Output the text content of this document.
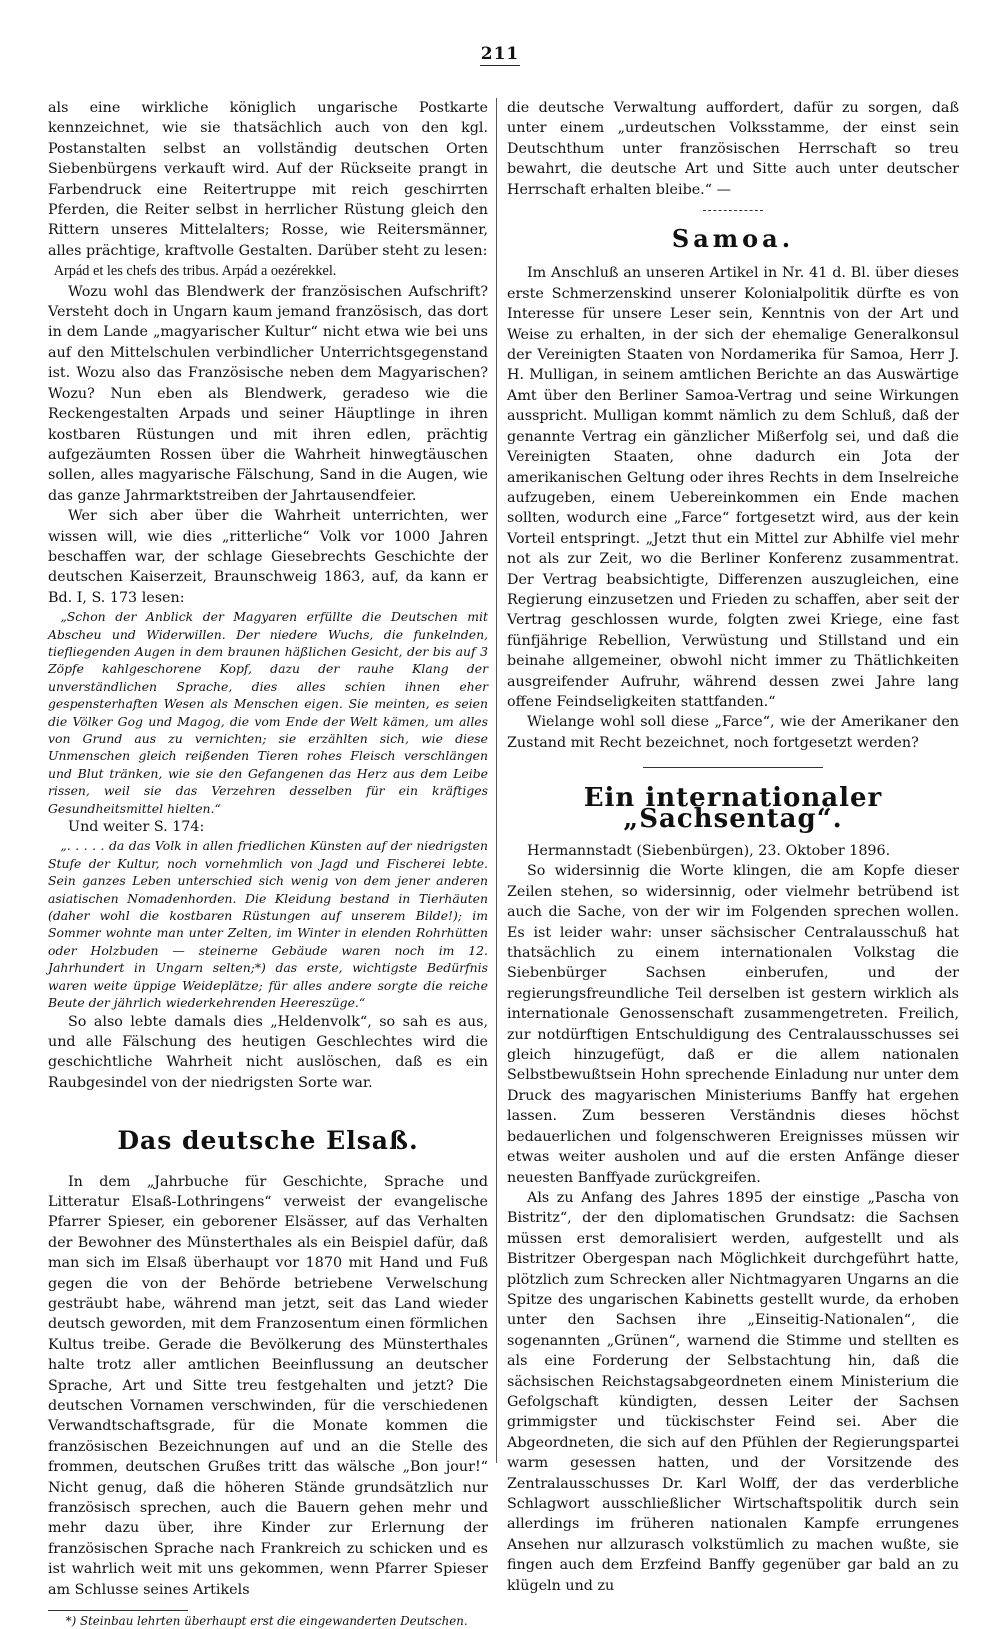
211

als eine wirkliche königlich ungarische Postkarte kennzeichnet, wie sie thatsächlich auch von den kgl. Postanstalten selbst an vollständig deutschen Orten Siebenbürgens verkauft wird. Auf der Rückseite prangt in Farbendruck eine Reitertruppe mit reich geschirrten Pferden, die Reiter selbst in herrlicher Rüstung gleich den Rittern unseres Mittelalters; Rosse, wie Reitersmänner, alles prächtige, kraftvolle Gestalten. Darüber steht zu lesen:

Arpád et les chefs des tribus. Arpád a oezérekkel.

Wozu wohl das Blendwerk der französischen Aufschrift? Versteht doch in Ungarn kaum jemand französisch, das dort in dem Lande „magyarischer Kultur“ nicht etwa wie bei uns auf den Mittelschulen verbindlicher Unterrichtsgegenstand ist. Wozu also das Französische neben dem Magyarischen? Wozu? Nun eben als Blendwerk, geradeso wie die Reckengestalten Arpads und seiner Häuptlinge in ihren kostbaren Rüstungen und mit ihren edlen, prächtig aufgezäumten Rossen über die Wahrheit hinwegtäuschen sollen, alles magyarische Fälschung, Sand in die Augen, wie das ganze Jahrmarktstreiben der Jahrtausendfeier.

Wer sich aber über die Wahrheit unterrichten, wer wissen will, wie dies „ritterliche“ Volk vor 1000 Jahren beschaffen war, der schlage Giesebrechts Geschichte der deutschen Kaiserzeit, Braunschweig 1863, auf, da kann er Bd. I, S. 173 lesen:

„Schon der Anblick der Magyaren erfüllte die Deutschen mit Abscheu und Widerwillen. Der niedere Wuchs, die funkelnden, tiefliegenden Augen in dem braunen häßlichen Gesicht, der bis auf 3 Zöpfe kahlgeschorene Kopf, dazu der rauhe Klang der unverständlichen Sprache, dies alles schien ihnen eher gespensterhaften Wesen als Menschen eigen. Sie meinten, es seien die Völker Gog und Magog, die vom Ende der Welt kämen, um alles von Grund aus zu vernichten; sie erzählten sich, wie diese Unmenschen gleich reißenden Tieren rohes Fleisch verschlängen und Blut tränken, wie sie den Gefangenen das Herz aus dem Leibe rissen, weil sie das Verzehren desselben für ein kräftiges Gesundheitsmittel hielten.“

Und weiter S. 174:

„. . . . . da das Volk in allen friedlichen Künsten auf der niedrigsten Stufe der Kultur, noch vornehmlich von Jagd und Fischerei lebte. Sein ganzes Leben unterschied sich wenig von dem jener anderen asiatischen Nomadenhorden. Die Kleidung bestand in Tierhäuten (daher wohl die kostbaren Rüstungen auf unserem Bilde!); im Sommer wohnte man unter Zelten, im Winter in elenden Rohrhütten oder Holzbuden — steinerne Gebäude waren noch im 12. Jahrhundert in Ungarn selten;*) das erste, wichtigste Bedürfnis waren weite üppige Weideplätze; für alles andere sorgte die reiche Beute der jährlich wiederkehrenden Heereszüge.“

So also lebte damals dies „Heldenvolk“, so sah es aus, und alle Fälschung des heutigen Geschlechtes wird die geschichtliche Wahrheit nicht auslöschen, daß es ein Raubgesindel von der niedrigsten Sorte war.

Das deutsche Elsaß.

In dem „Jahrbuche für Geschichte, Sprache und Litteratur Elsaß-Lothringens“ verweist der evangelische Pfarrer Spieser, ein geborener Elsässer, auf das Verhalten der Bewohner des Münsterthales als ein Beispiel dafür, daß man sich im Elsaß überhaupt vor 1870 mit Hand und Fuß gegen die von der Behörde betriebene Verwelschung gesträubt habe, während man jetzt, seit das Land wieder deutsch geworden, mit dem Franzosentum einen förmlichen Kultus treibe. Gerade die Bevölkerung des Münsterthales halte trotz aller amtlichen Beeinflussung an deutscher Sprache, Art und Sitte treu festgehalten und jetzt? Die deutschen Vornamen verschwinden, für die verschiedenen Verwandtschaftsgrade, für die Monate kommen die französischen Bezeichnungen auf und an die Stelle des frommen, deutschen Grußes tritt das wälsche „Bon jour!“ Nicht genug, daß die höheren Stände grundsätzlich nur französisch sprechen, auch die Bauern gehen mehr und mehr dazu über, ihre Kinder zur Erlernung der französischen Sprache nach Frankreich zu schicken und es ist wahrlich weit mit uns gekommen, wenn Pfarrer Spieser am Schlusse seines Artikels

*) Steinbau lehrten überhaupt erst die eingewanderten Deutschen.

die deutsche Verwaltung auffordert, dafür zu sorgen, daß unter einem „urdeutschen Volksstamme, der einst sein Deutschthum unter französischen Herrschaft so treu bewahrt, die deutsche Art und Sitte auch unter deutscher Herrschaft erhalten bleibe.“ —

Samoa.

Im Anschluß an unseren Artikel in Nr. 41 d. Bl. über dieses erste Schmerzenskind unserer Kolonialpolitik dürfte es von Interesse für unsere Leser sein, Kenntnis von der Art und Weise zu erhalten, in der sich der ehemalige Generalkonsul der Vereinigten Staaten von Nordamerika für Samoa, Herr J. H. Mulligan, in seinem amtlichen Berichte an das Auswärtige Amt über den Berliner Samoa-Vertrag und seine Wirkungen ausspricht. Mulligan kommt nämlich zu dem Schluß, daß der genannte Vertrag ein gänzlicher Mißerfolg sei, und daß die Vereinigten Staaten, ohne dadurch ein Jota der amerikanischen Geltung oder ihres Rechts in dem Inselreiche aufzugeben, einem Uebereinkommen ein Ende machen sollten, wodurch eine „Farce“ fortgesetzt wird, aus der kein Vorteil entspringt. „Jetzt thut ein Mittel zur Abhilfe viel mehr not als zur Zeit, wo die Berliner Konferenz zusammentrat. Der Vertrag beabsichtigte, Differenzen auszugleichen, eine Regierung einzusetzen und Frieden zu schaffen, aber seit der Vertrag geschlossen wurde, folgten zwei Kriege, eine fast fünfjährige Rebellion, Verwüstung und Stillstand und ein beinahe allgemeiner, obwohl nicht immer zu Thätlichkeiten ausgreifender Aufruhr, während dessen zwei Jahre lang offene Feindseligkeiten stattfanden.“

Wielange wohl soll diese „Farce“, wie der Amerikaner den Zustand mit Recht bezeichnet, noch fortgesetzt werden?

Ein internationaler „Sachsentag“.

Hermannstadt (Siebenbürgen), 23. Oktober 1896.

So widersinnig die Worte klingen, die am Kopfe dieser Zeilen stehen, so widersinnig, oder vielmehr betrübend ist auch die Sache, von der wir im Folgenden sprechen wollen. Es ist leider wahr: unser sächsischer Centralausschuß hat thatsächlich zu einem internationalen Volkstag die Siebenbürger Sachsen einberufen, und der regierungsfreundliche Teil derselben ist gestern wirklich als internationale Genossenschaft zusammengetreten. Freilich, zur notdürftigen Entschuldigung des Centralausschusses sei gleich hinzugefügt, daß er die allem nationalen Selbstbewußtsein Hohn sprechende Einladung nur unter dem Druck des magyarischen Ministeriums Banffy hat ergehen lassen. Zum besseren Verständnis dieses höchst bedauerlichen und folgenschweren Ereignisses müssen wir etwas weiter ausholen und auf die ersten Anfänge dieser neuesten Banffyade zurückgreifen.

Als zu Anfang des Jahres 1895 der einstige „Pascha von Bistritz“, der den diplomatischen Grundsatz: die Sachsen müssen erst demoralisiert werden, aufgestellt und als Bistritzer Obergespan nach Möglichkeit durchgeführt hatte, plötzlich zum Schrecken aller Nichtmagyaren Ungarns an die Spitze des ungarischen Kabinetts gestellt wurde, da erhoben unter den Sachsen ihre „Einseitig-Nationalen“, die sogenannten „Grünen“, warnend die Stimme und stellten es als eine Forderung der Selbstachtung hin, daß die sächsischen Reichstagsabgeordneten einem Ministerium die Gefolgschaft kündigten, dessen Leiter der Sachsen grimmigster und tückischster Feind sei. Aber die Abgeordneten, die sich auf den Pfühlen der Regierungspartei warm gesessen hatten, und der Vorsitzende des Zentralausschusses Dr. Karl Wolff, der das verderbliche Schlagwort ausschließlicher Wirtschaftspolitik durch sein allerdings im früheren nationalen Kampfe errungenes Ansehen nur allzurasch volkstümlich zu machen wußte, sie fingen auch dem Erzfeind Banffy gegenüber gar bald an zu klügeln und zu
